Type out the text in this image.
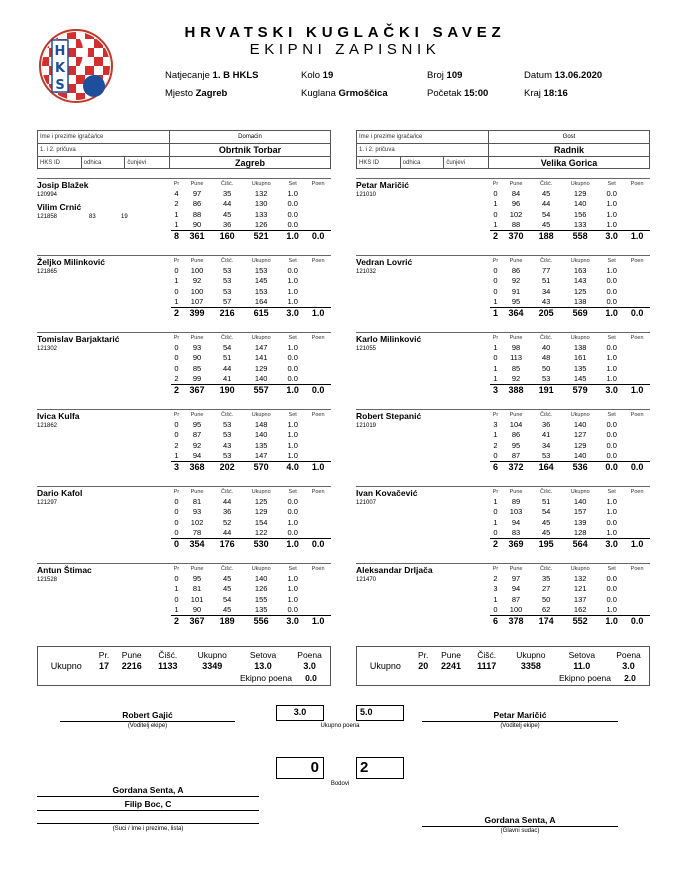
H
K
S
HRVATSKI KUGLAČKI SAVEZ
EKIPNI ZAPISNIK
Natjecanje 1. B HKLS	Kolo 19	Broj 109	Datum 13.06.2020
Mjesto Zagreb	Kuglana Grmoščica	Početak 15:00	Kraj 18:16
Ime i prezime igrača/ice	Domaćin
1. i 2. pričuva	Obrtnik Torbar
HKS ID	odhica	čunjevi	Zagreb
Ime i prezime igrača/ice	Gost
1. i 2. pričuva	Radnik
HKS ID	odhica	čunjevi	Velika Gorica
Josip Blažek
120994
Vilim Crnić
121858	83	19
Pr	Pune	Čišć.	Ukupno	Set	Poen
4	97	35	132	1.0	
2	86	44	130	0.0	
1	88	45	133	0.0	
1	90	36	126	0.0	
8	361	160	521	1.0	0.0
Željko Milinković
121865
Pr	Pune	Čišć.	Ukupno	Set	Poen
0	100	53	153	0.0	
1	92	53	145	1.0	
0	100	53	153	1.0	
1	107	57	164	1.0	
2	399	216	615	3.0	1.0
Tomislav Barjaktarić
121302
Pr	Pune	Čišć.	Ukupno	Set	Poen
0	93	54	147	1.0	
0	90	51	141	0.0	
0	85	44	129	0.0	
2	99	41	140	0.0	
2	367	190	557	1.0	0.0
Ivica Kulfa
121862
Pr	Pune	Čišć.	Ukupno	Set	Poen
0	95	53	148	1.0	
0	87	53	140	1.0	
2	92	43	135	1.0	
1	94	53	147	1.0	
3	368	202	570	4.0	1.0
Dario Kafol
121297
Pr	Pune	Čišć.	Ukupno	Set	Poen
0	81	44	125	0.0	
0	93	36	129	0.0	
0	102	52	154	1.0	
0	78	44	122	0.0	
0	354	176	530	1.0	0.0
Antun Štimac
121528
Pr	Pune	Čišć.	Ukupno	Set	Poen
0	95	45	140	1.0	
1	81	45	126	1.0	
0	101	54	155	1.0	
1	90	45	135	0.0	
2	367	189	556	3.0	1.0
Petar Maričić
121010
Pr	Pune	Čišć.	Ukupno	Set	Poen
0	84	45	129	0.0	
1	96	44	140	1.0	
0	102	54	156	1.0	
1	88	45	133	1.0	
2	370	188	558	3.0	1.0
Vedran Lovrić
121032
Pr	Pune	Čišć.	Ukupno	Set	Poen
0	86	77	163	1.0	
0	92	51	143	0.0	
0	91	34	125	0.0	
1	95	43	138	0.0	
1	364	205	569	1.0	0.0
Karlo Milinković
121055
Pr	Pune	Čišć.	Ukupno	Set	Poen
1	98	40	138	0.0	
0	113	48	161	1.0	
1	85	50	135	1.0	
1	92	53	145	1.0	
3	388	191	579	3.0	1.0
Robert Stepanić
121019
Pr	Pune	Čišć.	Ukupno	Set	Poen
3	104	36	140	0.0	
1	86	41	127	0.0	
2	95	34	129	0.0	
0	87	53	140	0.0	
6	372	164	536	0.0	0.0
Ivan Kovačević
121007
Pr	Pune	Čišć.	Ukupno	Set	Poen
1	89	51	140	1.0	
0	103	54	157	1.0	
1	94	45	139	0.0	
0	83	45	128	1.0	
2	369	195	564	3.0	1.0
Aleksandar Drljača
121470
Pr	Pune	Čišć.	Ukupno	Set	Poen
2	97	35	132	0.0	
3	94	27	121	0.0	
1	87	50	137	0.0	
0	100	62	162	1.0	
6	378	174	552	1.0	0.0
	Pr.	Pune	Čišć.	Ukupno	Setova	Poena
Ukupno	17	2216	1133	3349	13.0	3.0
Ekipno poena 0.0
	Pr.	Pune	Čišć.	Ukupno	Setova	Poena
Ukupno	20	2241	1117	3358	11.0	3.0
Ekipno poena 2.0
Robert Gajić
(Voditelj ekipe)
3.0	5.0
Ukupno poena
Petar Maričić
(Voditelj ekipe)
0	2
Bodovi
Gordana Senta, A
Filip Boc, C
(Suci / Ime i prezime, lista)
Gordana Senta, A
(Glavni sudac)
